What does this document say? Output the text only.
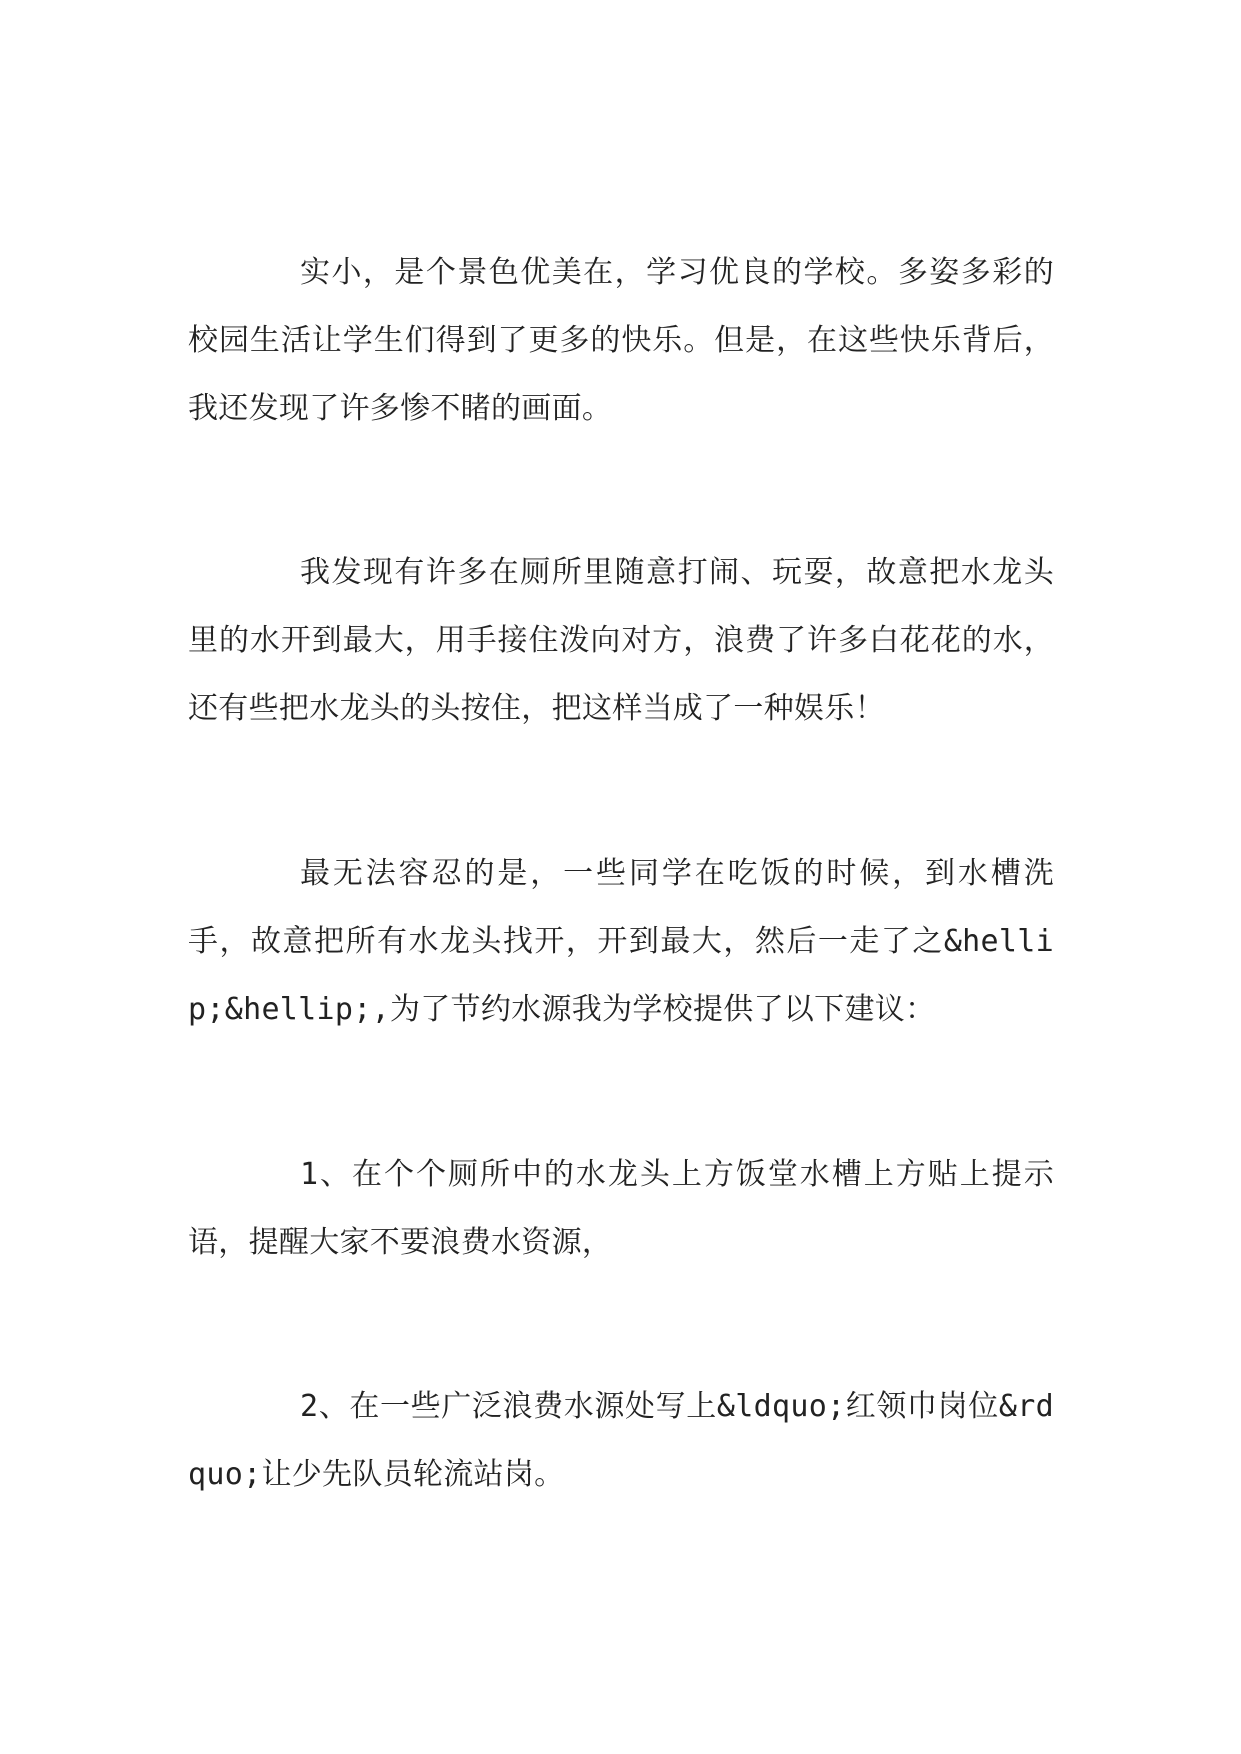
实小，是个景色优美在，学习优良的学校。多姿多彩的校园生活让学生们得到了更多的快乐。但是，在这些快乐背后，我还发现了许多惨不睹的画面。

我发现有许多在厕所里随意打闹、玩耍，故意把水龙头里的水开到最大，用手接住泼向对方，浪费了许多白花花的水，还有些把水龙头的头按住，把这样当成了一种娱乐！

最无法容忍的是，一些同学在吃饭的时候，到水槽洗手，故意把所有水龙头找开，开到最大，然后一走了之&hellip;&hellip;,为了节约水源我为学校提供了以下建议：

1、在个个厕所中的水龙头上方饭堂水槽上方贴上提示语，提醒大家不要浪费水资源，

2、在一些广泛浪费水源处写上&ldquo;红领巾岗位&rdquo;让少先队员轮流站岗。
